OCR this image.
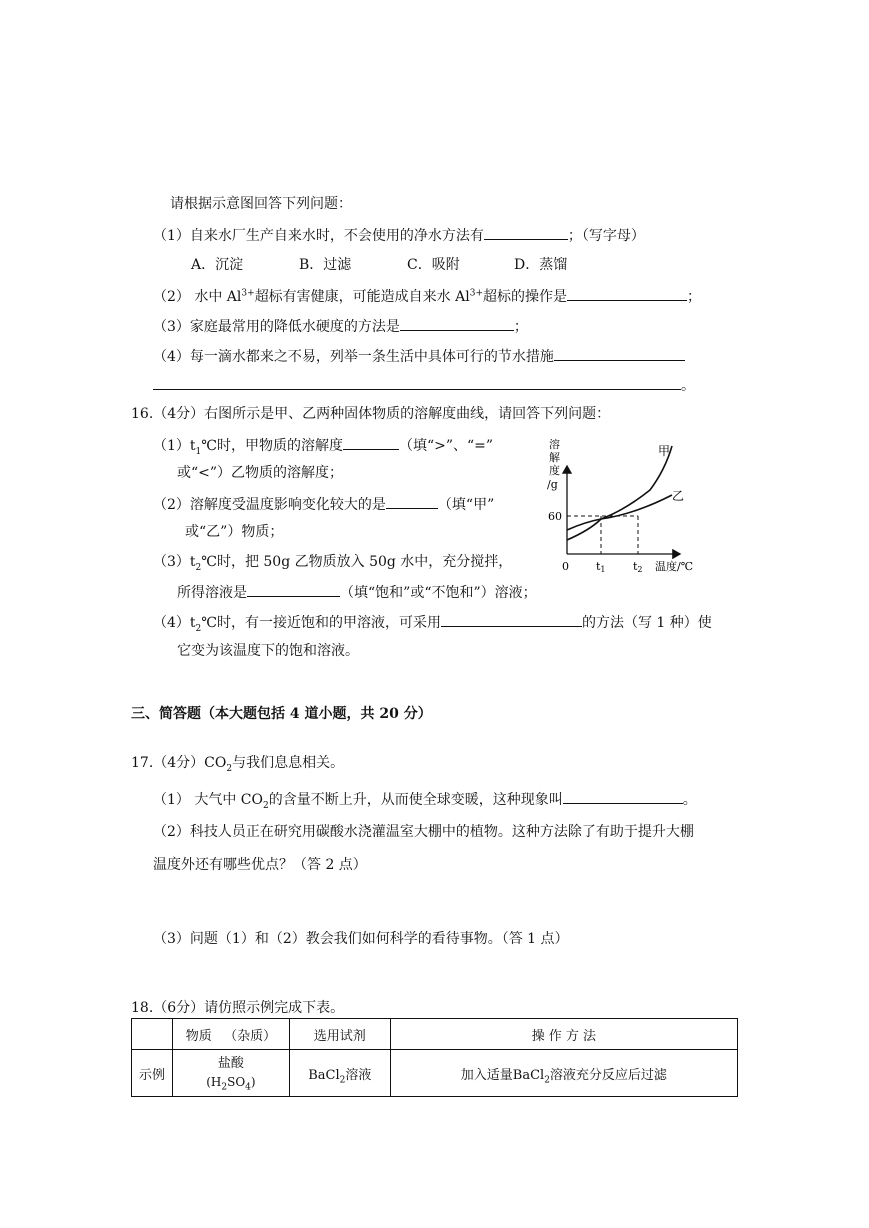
请根据示意图回答下列问题：
（1）自来水厂生产自来水时，不会使用的净水方法有	；（写字母）
A．沉淀	B．过滤	C．吸附	D．蒸馏
（2） 水中 $Al^{3+}$超标有害健康，可能造成自来水 $Al^{3+}$超标的操作是	；
（3）家庭最常用的降低水硬度的方法是	；
（4）每一滴水都来之不易，列举一条生活中具体可行的节水措施
。
16.（4分）右图所示是甲、乙两种固体物质的溶解度曲线，请回答下列问题：
$(1)t_1℃$时，甲物质的溶解度	（填“>”、“=”
或“<”）乙物质的溶解度；
（2）溶解度受温度影响变化较大的是	（填“甲”
或“乙”）物质；
$(3)t_2℃$时，把 50g 乙物质放入 50g 水中，充分搅拌，
所得溶液是	（填“饱和”或“不饱和”）溶液；
$(4)t_2℃$时，有一接近饱和的甲溶液，可采用	的方法（写 1 种）使
它变为该温度下的饱和溶液。
溶
解
度
/g
60
甲
乙
0 t1 t2 温度/℃
三、简答题（本大题包括 4 道小题，共 20 分）
17.（4分）$CO_2$与我们息息相关。
（1） 大气中 $CO_2$的含量不断上升，从而使全球变暖，这种现象叫	。
（2）科技人员正在研究用碳酸水浇灌温室大棚中的植物。这种方法除了有助于提升大棚
温度外还有哪些优点？（答 2 点）
（3）问题（1）和（2）教会我们如何科学的看待事物。（答 1 点）
18.（6分）请仿照示例完成下表。
	物质   （杂质）	选用试剂	操 作 方 法
示例	盐酸
$(H_2SO_4)$	BaCl$_2$溶液	加入适量BaCl$_2$溶液充分反应后过滤
